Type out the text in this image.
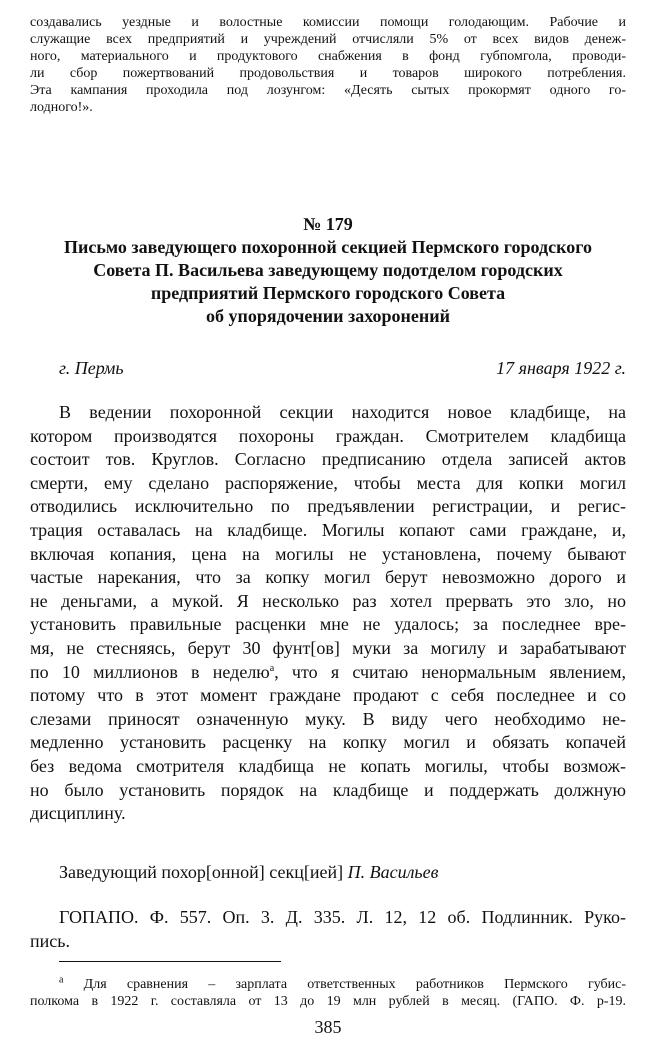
создавались уездные и волостные комиссии помощи голодающим. Рабочие и
служащие всех предприятий и учреждений отчисляли 5% от всех видов денеж-
ного, материального и продуктового снабжения в фонд губпомгола, проводи-
ли сбор пожертвований продовольствия и товаров широкого потребления.
Эта кампания проходила под лозунгом: «Десять сытых прокормят одного го-
лодного!».
№ 179
Письмо заведующего похоронной секцией Пермского городского
Совета П. Васильева заведующему подотделом городских
предприятий Пермского городского Совета
об упорядочении захоронений
г. Пермь	17 января 1922 г.
В ведении похоронной секции находится новое кладбище, на
котором производятся похороны граждан. Смотрителем кладбища
состоит тов. Круглов. Согласно предписанию отдела записей актов
смерти, ему сделано распоряжение, чтобы места для копки могил
отводились исключительно по предъявлении регистрации, и регис-
трация оставалась на кладбище. Могилы копают сами граждане, и,
включая копания, цена на могилы не установлена, почему бывают
частые нарекания, что за копку могил берут невозможно дорого и
не деньгами, а мукой. Я несколько раз хотел прервать это зло, но
установить правильные расценки мне не удалось; за последнее вре-
мя, не стесняясь, берут 30 фунт[ов] муки за могилу и зарабатывают
по 10 миллионов в неделю$^а$, что я считаю ненормальным явлением,
потому что в этот момент граждане продают с себя последнее и со
слезами приносят означенную муку. В виду чего необходимо не-
медленно установить расценку на копку могил и обязать копачей
без ведома смотрителя кладбища не копать могилы, чтобы возмож-
но было установить порядок на кладбище и поддержать должную
дисциплину.
Заведующий похор[онной] секц[ией] П. Васильев
ГОПАПО. Ф. 557. Оп. 3. Д. 335. Л. 12, 12 об. Подлинник. Руко-
пись.
$^а$ Для сравнения – зарплата ответственных работников Пермского губис-
полкома в 1922 г. составляла от 13 до 19 млн рублей в месяц. (ГАПО. Ф. р-19.
385
